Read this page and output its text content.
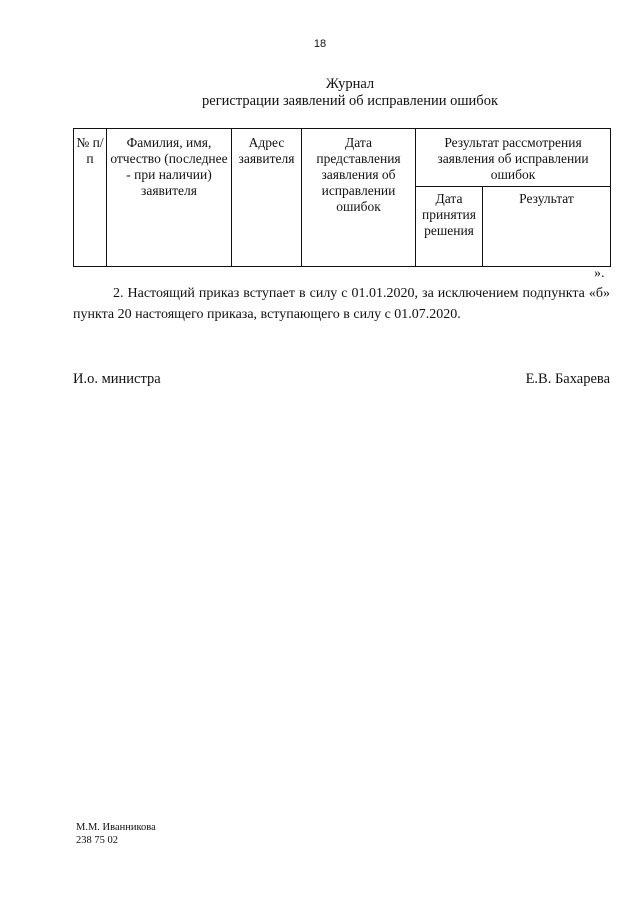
18
Журнал
регистрации заявлений об исправлении ошибок
№ п/п	Фамилия, имя, отчество (последнее - при наличии) заявителя	Адрес заявителя	Дата представления заявления об исправлении ошибок	Результат рассмотрения заявления об исправлении ошибок	
				Дата принятия решения	Результат
».

2. Настоящий приказ вступает в силу с 01.01.2020, за исключением подпункта «б» пункта 20 настоящего приказа, вступающего в силу с 01.07.2020.

И.о. министра	Е.В. Бахарева
М.М. Иванникова
238 75 02
